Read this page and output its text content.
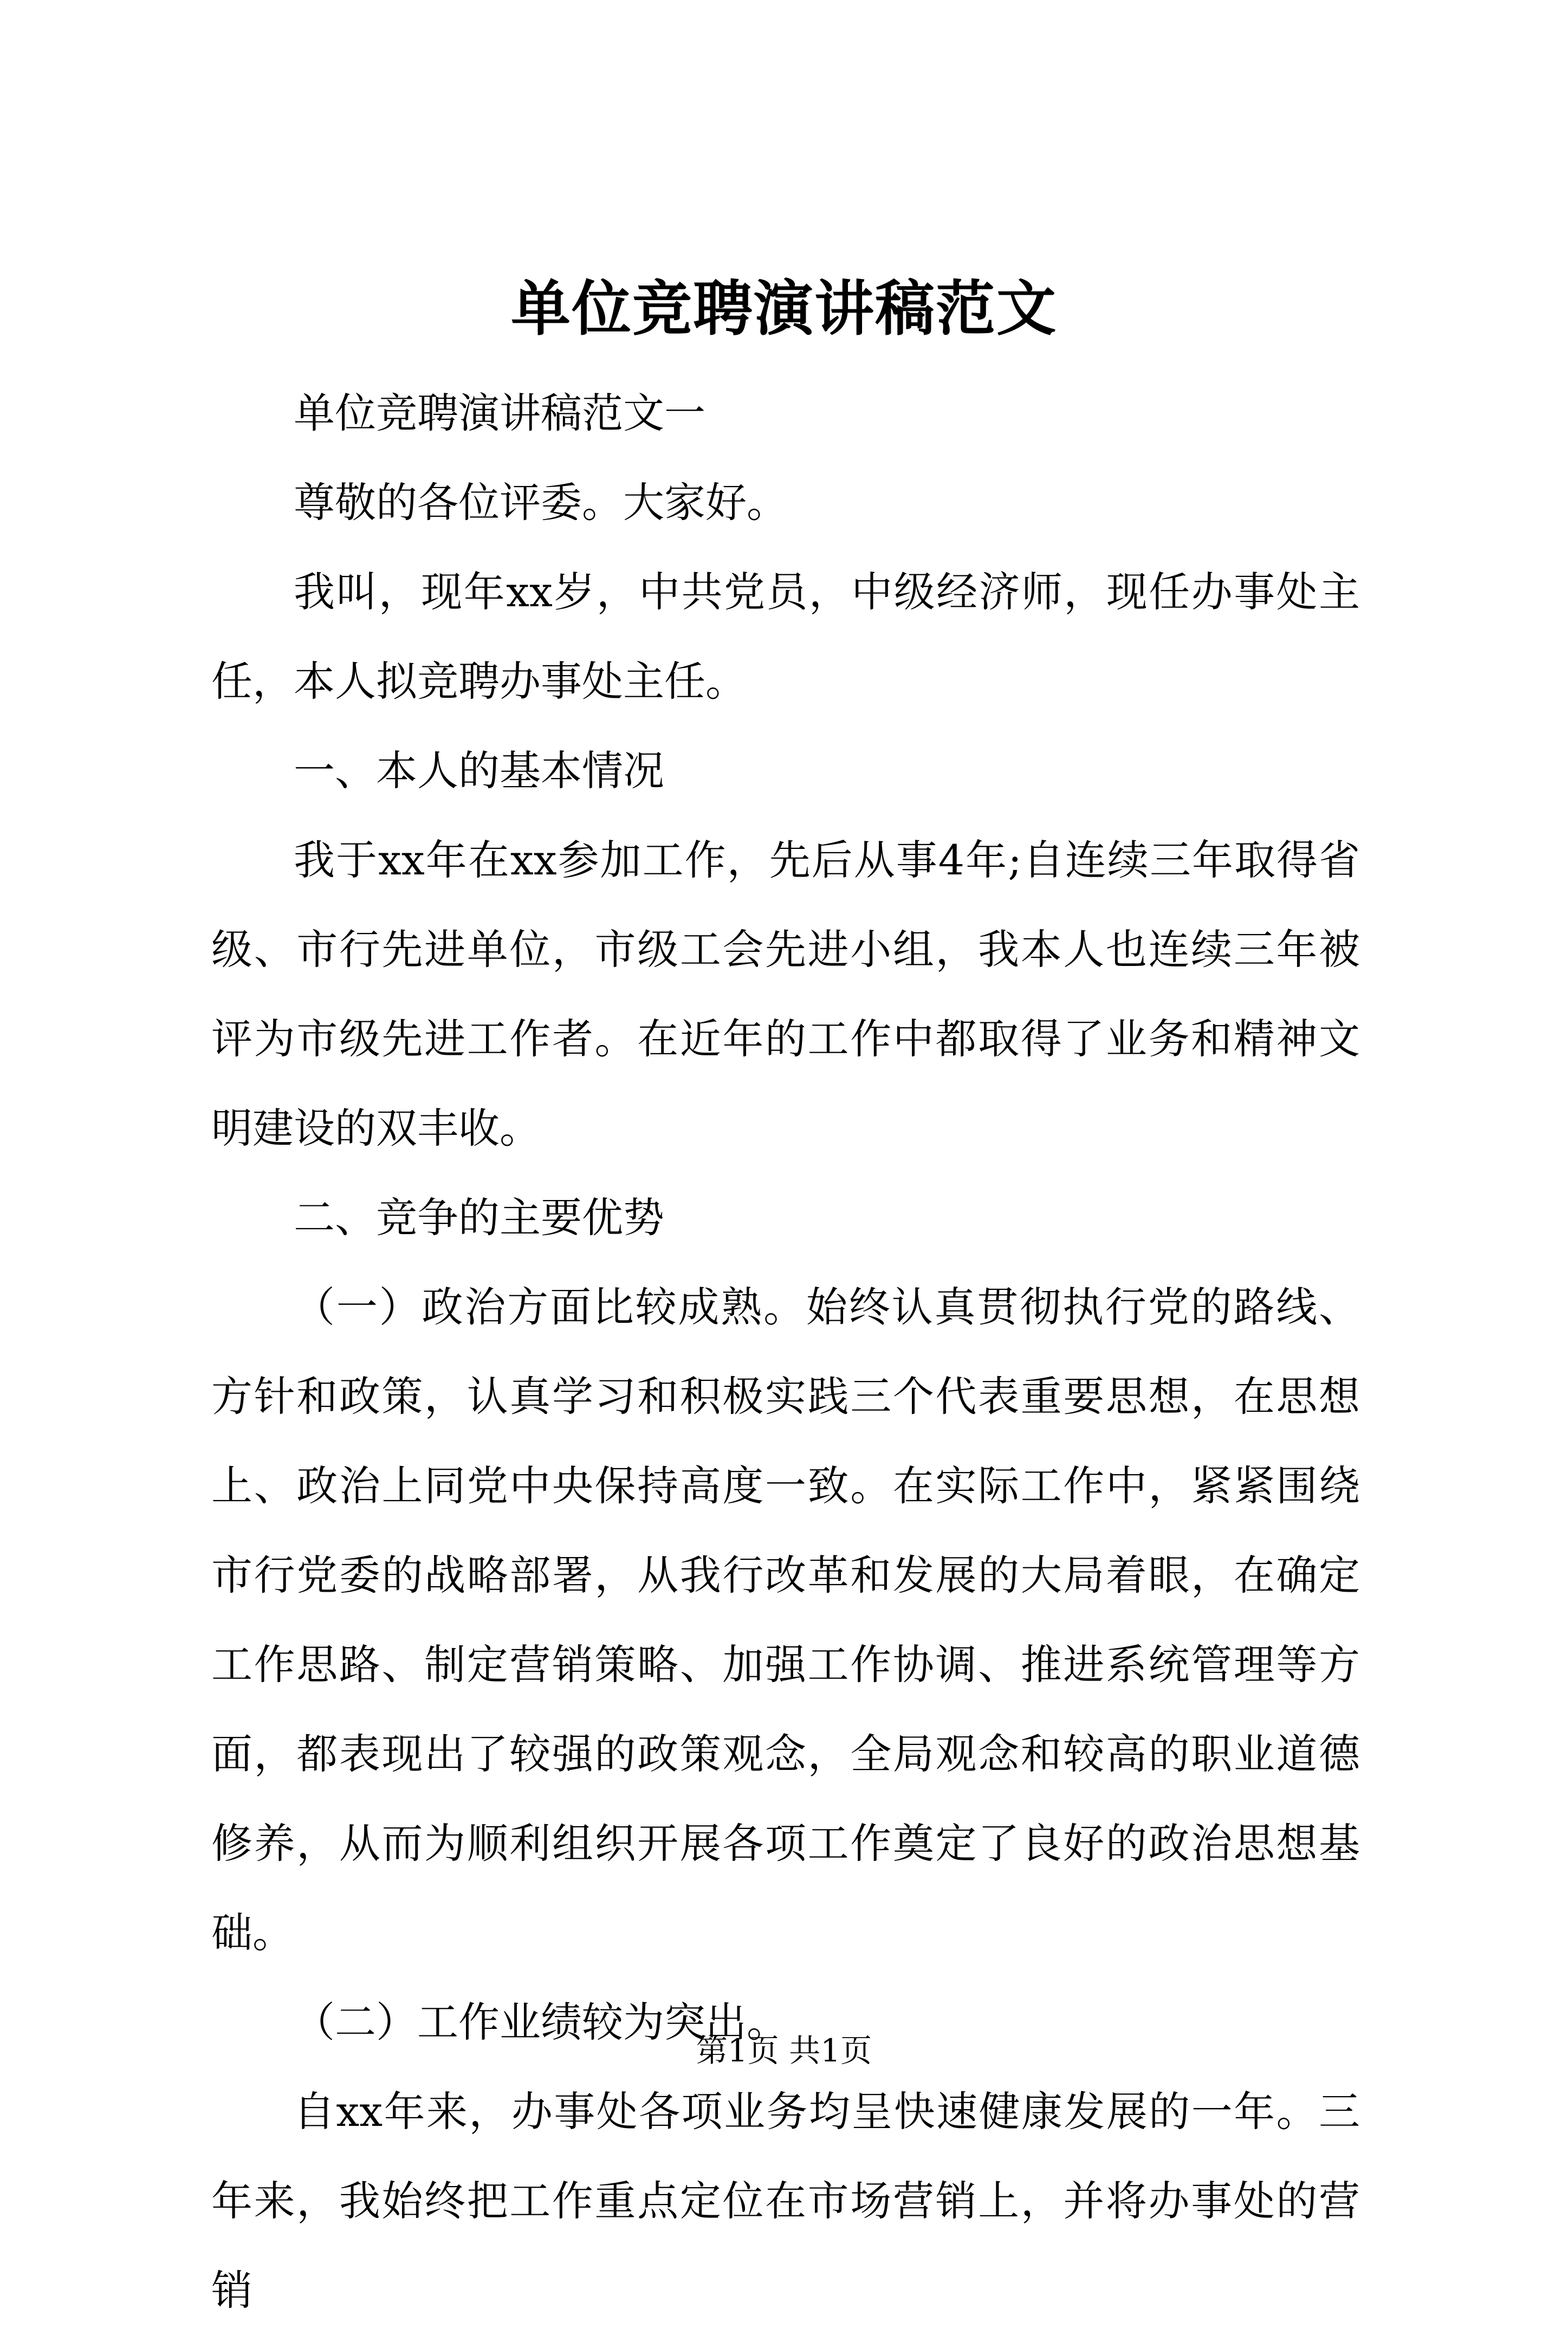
单位竞聘演讲稿范文

单位竞聘演讲稿范文一

尊敬的各位评委。大家好。

我叫，现年xx岁，中共党员，中级经济师，现任办事处主任，本人拟竞聘办事处主任。

一、本人的基本情况

我于xx年在xx参加工作，先后从事4年;自连续三年取得省级、市行先进单位，市级工会先进小组，我本人也连续三年被评为市级先进工作者。在近年的工作中都取得了业务和精神文明建设的双丰收。

二、竞争的主要优势

（一）政治方面比较成熟。始终认真贯彻执行党的路线、方针和政策，认真学习和积极实践三个代表重要思想，在思想上、政治上同党中央保持高度一致。在实际工作中，紧紧围绕市行党委的战略部署，从我行改革和发展的大局着眼，在确定工作思路、制定营销策略、加强工作协调、推进系统管理等方面，都表现出了较强的政策观念，全局观念和较高的职业道德修养，从而为顺利组织开展各项工作奠定了良好的政治思想基础。

（二）工作业绩较为突出。

自xx年来，办事处各项业务均呈快速健康发展的一年。三年来，我始终把工作重点定位在市场营销上，并将办事处的营销

第1页 共1页
